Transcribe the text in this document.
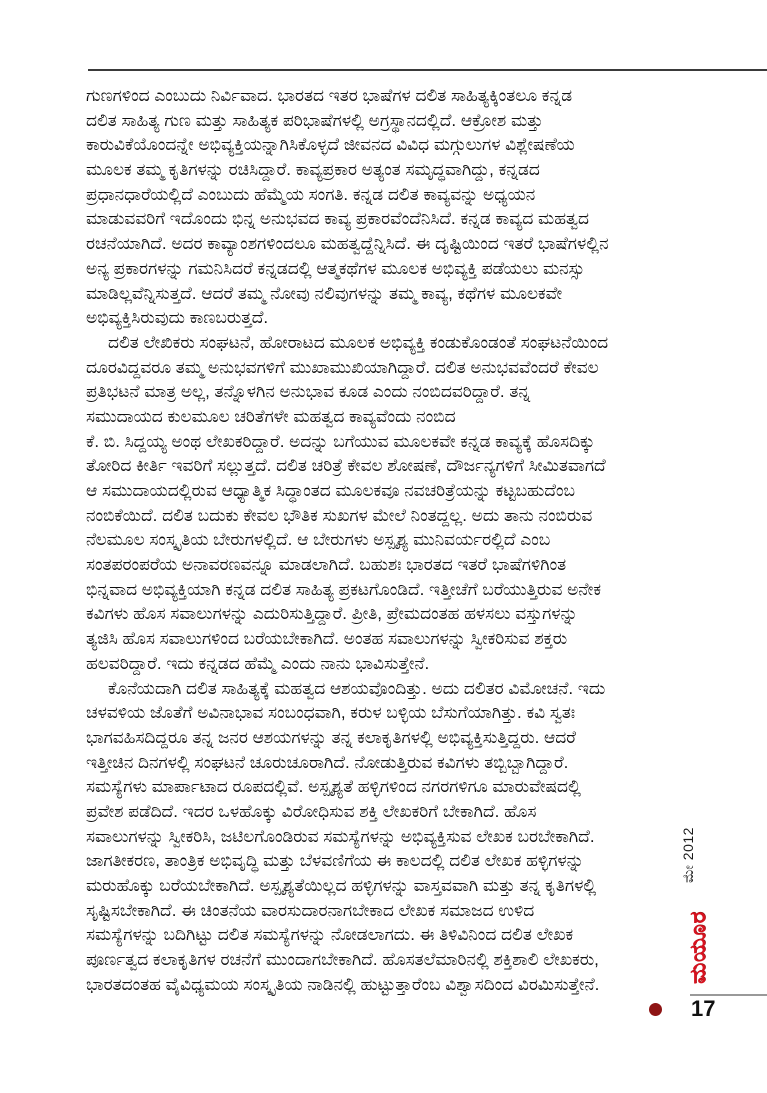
ಗುಣಗಳಿಂದ ಎಂಬುದು ನಿರ್ವಿವಾದ. ಭಾರತದ ಇತರ ಭಾಷೆಗಳ ದಲಿತ ಸಾಹಿತ್ಯಕ್ಕಿಂತಲೂ ಕನ್ನಡ
ದಲಿತ ಸಾಹಿತ್ಯ ಗುಣ ಮತ್ತು ಸಾಹಿತ್ಯಕ ಪರಿಭಾಷೆಗಳಲ್ಲಿ ಅಗ್ರಸ್ಥಾನದಲ್ಲಿದೆ. ಆಕ್ರೋಶ ಮತ್ತು
ಕಾರುವಿಕೆಯೊಂದನ್ನೇ ಅಭಿವ್ಯಕ್ತಿಯನ್ನಾಗಿಸಿಕೊಳ್ಳದೆ ಜೀವನದ ವಿವಿಧ ಮಗ್ಗುಲುಗಳ ವಿಶ್ಲೇಷಣೆಯ
ಮೂಲಕ ತಮ್ಮ ಕೃತಿಗಳನ್ನು ರಚಿಸಿದ್ದಾರೆ. ಕಾವ್ಯಪ್ರಕಾರ ಅತ್ಯಂತ ಸಮೃದ್ಧವಾಗಿದ್ದು, ಕನ್ನಡದ
ಪ್ರಧಾನಧಾರೆಯಲ್ಲಿದೆ ಎಂಬುದು ಹೆಮ್ಮೆಯ ಸಂಗತಿ. ಕನ್ನಡ ದಲಿತ ಕಾವ್ಯವನ್ನು ಅಧ್ಯಯನ
ಮಾಡುವವರಿಗೆ ಇದೊಂದು ಭಿನ್ನ ಅನುಭವದ ಕಾವ್ಯ ಪ್ರಕಾರವೆಂದೆನಿಸಿದೆ. ಕನ್ನಡ ಕಾವ್ಯದ ಮಹತ್ವದ
ರಚನೆಯಾಗಿದೆ. ಅದರ ಕಾವ್ಯಾಂಶಗಳಿಂದಲೂ ಮಹತ್ವದ್ದೆನ್ನಿಸಿದೆ. ಈ ದೃಷ್ಟಿಯಿಂದ ಇತರೆ ಭಾಷೆಗಳಲ್ಲಿನ
ಅನ್ಯ ಪ್ರಕಾರಗಳನ್ನು ಗಮನಿಸಿದರೆ ಕನ್ನಡದಲ್ಲಿ ಆತ್ಮಕಥೆಗಳ ಮೂಲಕ ಅಭಿವ್ಯಕ್ತಿ ಪಡೆಯಲು ಮನಸ್ಸು
ಮಾಡಿಲ್ಲವೆನ್ನಿಸುತ್ತದೆ. ಆದರೆ ತಮ್ಮ ನೋವು ನಲಿವುಗಳನ್ನು ತಮ್ಮ ಕಾವ್ಯ, ಕಥೆಗಳ ಮೂಲಕವೇ
ಅಭಿವ್ಯಕ್ತಿಸಿರುವುದು ಕಾಣಬರುತ್ತದೆ.
ದಲಿತ ಲೇಖಿಕರು ಸಂಘಟನೆ, ಹೋರಾಟದ ಮೂಲಕ ಅಭಿವ್ಯಕ್ತಿ ಕಂಡುಕೊಂಡಂತೆ ಸಂಘಟನೆಯಿಂದ
ದೂರವಿದ್ದವರೂ ತಮ್ಮ ಅನುಭವಗಳಿಗೆ ಮುಖಾಮುಖಿಯಾಗಿದ್ದಾರೆ. ದಲಿತ ಅನುಭವವೆಂದರೆ ಕೇವಲ
ಪ್ರತಿಭಟನೆ ಮಾತ್ರ ಅಲ್ಲ, ತನ್ನೊಳಗಿನ ಅನುಭಾವ ಕೂಡ ಎಂದು ನಂಬಿದವರಿದ್ದಾರೆ. ತನ್ನ
ಸಮುದಾಯದ ಕುಲಮೂಲ ಚರಿತೆಗಳೇ ಮಹತ್ವದ ಕಾವ್ಯವೆಂದು ನಂಬಿದ
ಕೆ. ಬಿ. ಸಿದ್ದಯ್ಯ ಅಂಥ ಲೇಖಕರಿದ್ದಾರೆ. ಅದನ್ನು ಬಗೆಯುವ ಮೂಲಕವೇ ಕನ್ನಡ ಕಾವ್ಯಕ್ಕೆ ಹೊಸದಿಕ್ಕು
ತೋರಿದ ಕೀರ್ತಿ ಇವರಿಗೆ ಸಲ್ಲುತ್ತದೆ. ದಲಿತ ಚರಿತ್ರೆ ಕೇವಲ ಶೋಷಣೆ, ದೌರ್ಜನ್ಯಗಳಿಗೆ ಸೀಮಿತವಾಗದೆ
ಆ ಸಮುದಾಯದಲ್ಲಿರುವ ಆಧ್ಯಾತ್ಮಿಕ ಸಿದ್ಧಾಂತದ ಮೂಲಕವೂ ನವಚರಿತ್ರೆಯನ್ನು ಕಟ್ಟಬಹುದೆಂಬ
ನಂಬಿಕೆಯಿದೆ. ದಲಿತ ಬದುಕು ಕೇವಲ ಭೌತಿಕ ಸುಖಗಳ ಮೇಲೆ ನಿಂತದ್ದಲ್ಲ. ಅದು ತಾನು ನಂಬಿರುವ
ನೆಲಮೂಲ ಸಂಸ್ಕೃತಿಯ ಬೇರುಗಳಲ್ಲಿದೆ. ಆ ಬೇರುಗಳು ಅಸ್ಪೃಶ್ಯ ಮುನಿವರ್ಯರಲ್ಲಿದೆ ಎಂಬ
ಸಂತಪರಂಪರೆಯ ಅನಾವರಣವನ್ನೂ ಮಾಡಲಾಗಿದೆ. ಬಹುಶಃ ಭಾರತದ ಇತರೆ ಭಾಷೆಗಳಿಗಿಂತ
ಭಿನ್ನವಾದ ಅಭಿವ್ಯಕ್ತಿಯಾಗಿ ಕನ್ನಡ ದಲಿತ ಸಾಹಿತ್ಯ ಪ್ರಕಟಗೊಂಡಿದೆ. ಇತ್ತೀಚೆಗೆ ಬರೆಯುತ್ತಿರುವ ಅನೇಕ
ಕವಿಗಳು ಹೊಸ ಸವಾಲುಗಳನ್ನು ಎದುರಿಸುತ್ತಿದ್ದಾರೆ. ಪ್ರೀತಿ, ಪ್ರೇಮದಂತಹ ಹಳಸಲು ವಸ್ತುಗಳನ್ನು
ತ್ಯಜಿಸಿ ಹೊಸ ಸವಾಲುಗಳಿಂದ ಬರೆಯಬೇಕಾಗಿದೆ. ಅಂತಹ ಸವಾಲುಗಳನ್ನು ಸ್ವೀಕರಿಸುವ ಶಕ್ತರು
ಹಲವರಿದ್ದಾರೆ. ಇದು ಕನ್ನಡದ ಹೆಮ್ಮೆ ಎಂದು ನಾನು ಭಾವಿಸುತ್ತೇನೆ.
ಕೊನೆಯದಾಗಿ ದಲಿತ ಸಾಹಿತ್ಯಕ್ಕೆ ಮಹತ್ವದ ಆಶಯವೊಂದಿತ್ತು. ಅದು ದಲಿತರ ವಿಮೋಚನೆ. ಇದು
ಚಳವಳಿಯ ಜೊತೆಗೆ ಅವಿನಾಭಾವ ಸಂಬಂಧವಾಗಿ, ಕರುಳ ಬಳ್ಳಿಯ ಬೆಸುಗೆಯಾಗಿತ್ತು. ಕವಿ ಸ್ವತಃ
ಭಾಗವಹಿಸದಿದ್ದರೂ ತನ್ನ ಜನರ ಆಶಯಗಳನ್ನು ತನ್ನ ಕಲಾಕೃತಿಗಳಲ್ಲಿ ಅಭಿವ್ಯಕ್ತಿಸುತ್ತಿದ್ದರು. ಆದರೆ
ಇತ್ತೀಚಿನ ದಿನಗಳಲ್ಲಿ ಸಂಘಟನೆ ಚೂರುಚೂರಾಗಿದೆ. ನೋಡುತ್ತಿರುವ ಕವಿಗಳು ತಬ್ಬಿಬ್ಬಾಗಿದ್ದಾರೆ.
ಸಮಸ್ಯೆಗಳು ಮಾರ್ಪಾಟಾದ ರೂಪದಲ್ಲಿವೆ. ಅಸ್ಪೃಶ್ಯತೆ ಹಳ್ಳಿಗಳಿಂದ ನಗರಗಳಿಗೂ ಮಾರುವೇಷದಲ್ಲಿ
ಪ್ರವೇಶ ಪಡೆದಿದೆ. ಇದರ ಒಳಹೊಕ್ಕು ವಿರೋಧಿಸುವ ಶಕ್ತಿ ಲೇಖಕರಿಗೆ ಬೇಕಾಗಿದೆ. ಹೊಸ
ಸವಾಲುಗಳನ್ನು ಸ್ವೀಕರಿಸಿ, ಜಟಿಲಗೊಂಡಿರುವ ಸಮಸ್ಯೆಗಳನ್ನು ಅಭಿವ್ಯಕ್ತಿಸುವ ಲೇಖಕ ಬರಬೇಕಾಗಿದೆ.
ಜಾಗತೀಕರಣ, ತಾಂತ್ರಿಕ ಅಭಿವೃದ್ಧಿ ಮತ್ತು ಬೆಳವಣಿಗೆಯ ಈ ಕಾಲದಲ್ಲಿ ದಲಿತ ಲೇಖಕ ಹಳ್ಳಿಗಳನ್ನು
ಮರುಹೊಕ್ಕು ಬರೆಯಬೇಕಾಗಿದೆ. ಅಸ್ಪೃಶ್ಯತೆಯಿಲ್ಲದ ಹಳ್ಳಿಗಳನ್ನು ವಾಸ್ತವವಾಗಿ ಮತ್ತು ತನ್ನ ಕೃತಿಗಳಲ್ಲಿ
ಸೃಷ್ಟಿಸಬೇಕಾಗಿದೆ. ಈ ಚಿಂತನೆಯ ವಾರಸುದಾರನಾಗಬೇಕಾದ ಲೇಖಕ ಸಮಾಜದ ಉಳಿದ
ಸಮಸ್ಯೆಗಳನ್ನು ಬದಿಗಿಟ್ಟು ದಲಿತ ಸಮಸ್ಯೆಗಳನ್ನು ನೋಡಲಾಗದು. ಈ ತಿಳಿವಿನಿಂದ ದಲಿತ ಲೇಖಕ
ಪೂರ್ಣತ್ವದ ಕಲಾಕೃತಿಗಳ ರಚನೆಗೆ ಮುಂದಾಗಬೇಕಾಗಿದೆ. ಹೊಸತಲೆಮಾರಿನಲ್ಲಿ ಶಕ್ತಿಶಾಲಿ ಲೇಖಕರು,
ಭಾರತದಂತಹ ವೈವಿಧ್ಯಮಯ ಸಂಸ್ಕೃತಿಯ ನಾಡಿನಲ್ಲಿ ಹುಟ್ಟುತ್ತಾರೆಂಬ ವಿಶ್ವಾಸದಿಂದ ವಿರಮಿಸುತ್ತೇನೆ.
ಮೇ 2012
ಮಯೂರ
17
